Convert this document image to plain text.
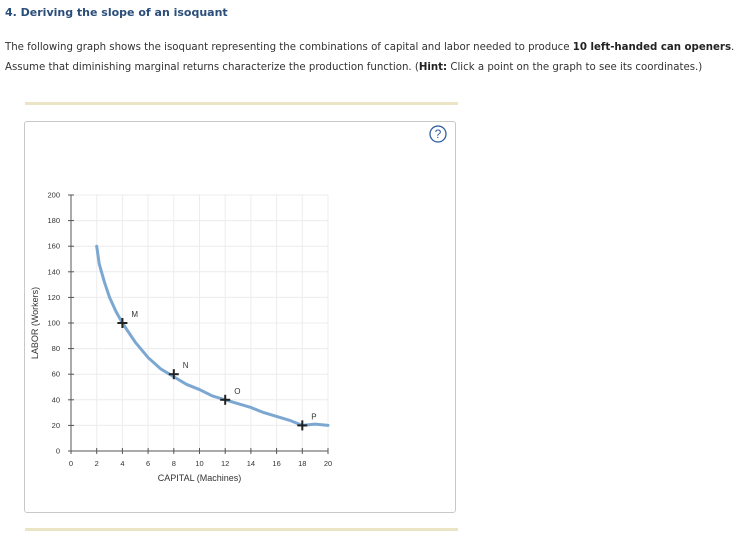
4. Deriving the slope of an isoquant

The following graph shows the isoquant representing the combinations of capital and labor needed to produce 10 left-handed can openers. Assume that diminishing marginal returns characterize the production function. (Hint: Click a point on the graph to see its coordinates.)

?
0	2	4	6	8	10 12 14 16 18 20
0
20
40
60
80
100
120
140
160
180
200
M
N
O
P
CAPITAL (Machines)
LABOR (Workers)
